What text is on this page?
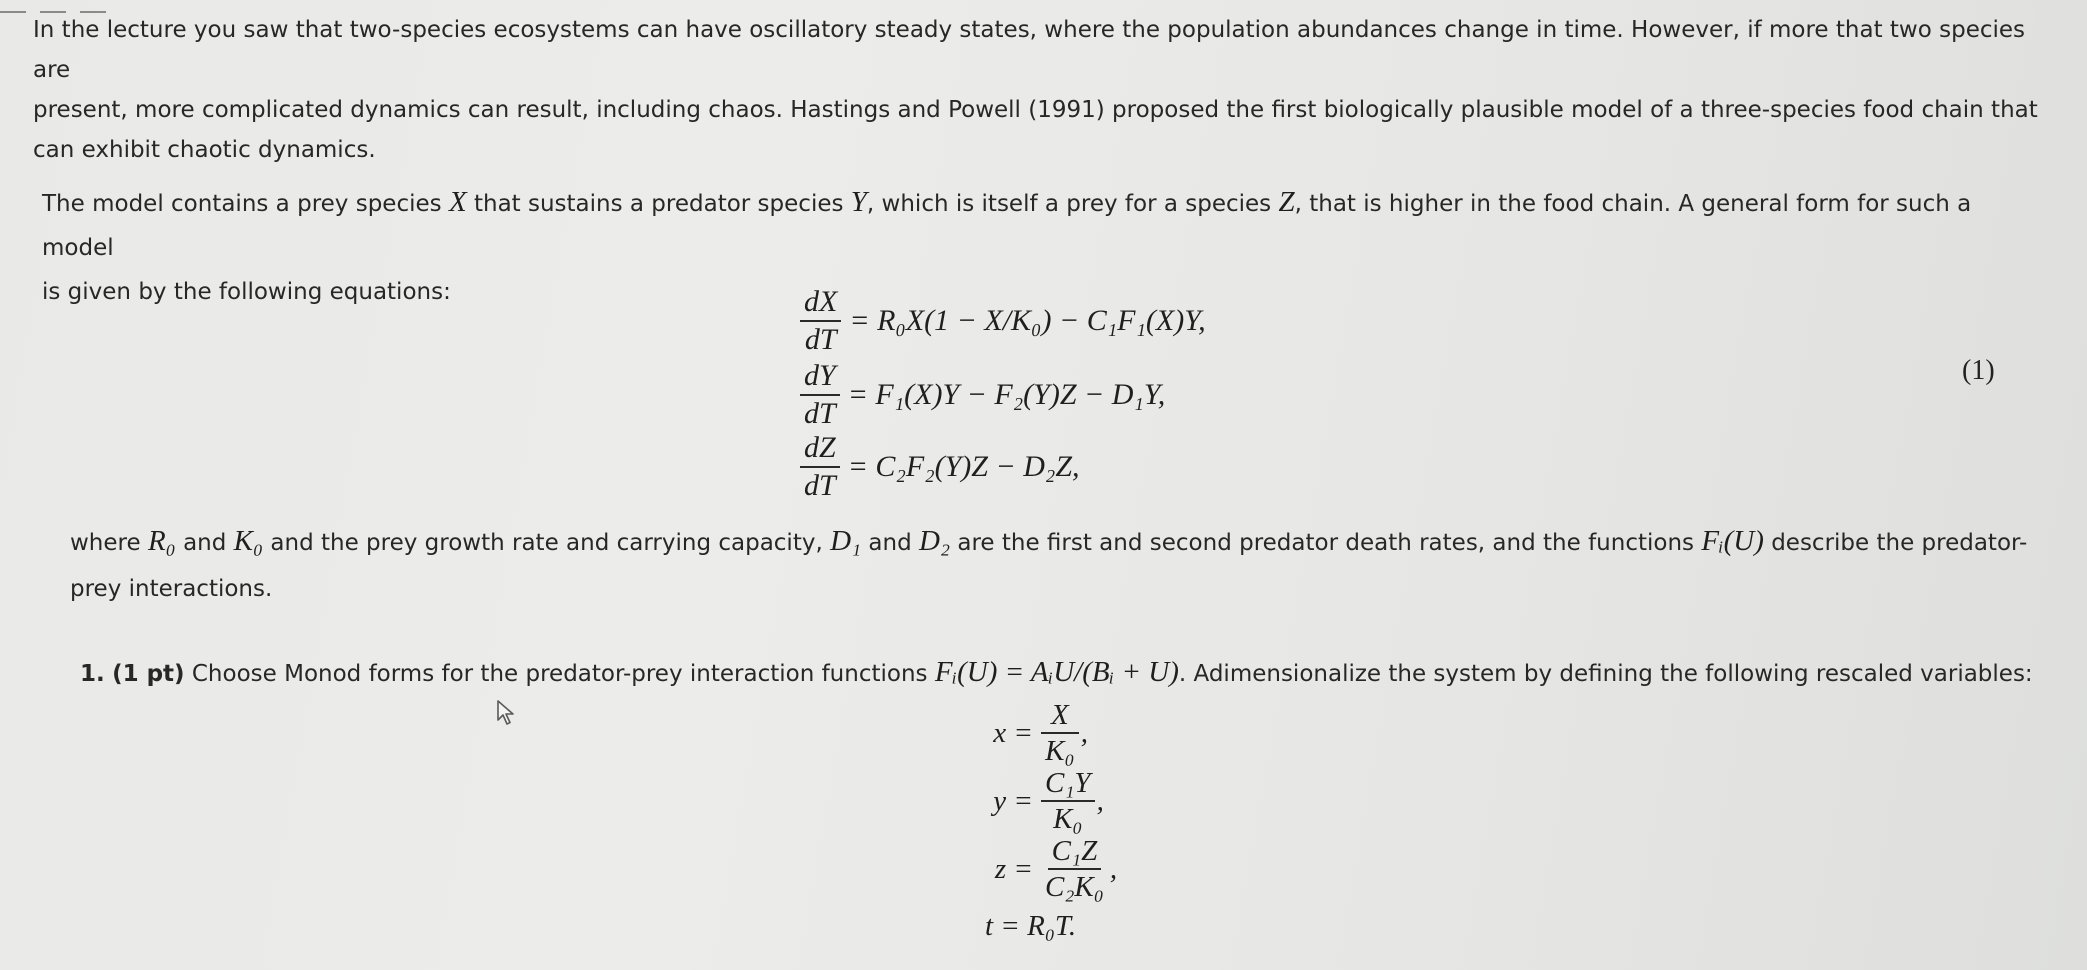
In the lecture you saw that two-species ecosystems can have oscillatory steady states, where the population abundances change in time. However, if more that two species are
present, more complicated dynamics can result, including chaos. Hastings and Powell (1991) proposed the first biologically plausible model of a three-species food chain that
can exhibit chaotic dynamics.

The model contains a prey species X that sustains a predator species Y, which is itself a prey for a species Z, that is higher in the food chain. A general form for such a model
is given by the following equations:	$\frac{dX}{dT} = R_0X(1 - X/K_0) - C_1F_1(X)Y$,
$\frac{dY}{dT} = F_1(X)Y - F_2(Y)Z - D_1Y$,
$\frac{dZ}{dT} = C_2F_2(Y)Z - D_2Z$,
(1)

where R₀ and K₀ and the prey growth rate and carrying capacity, D₁ and D₂ are the first and second predator death rates, and the functions Fᵢ(U) describe the predator-
prey interactions.

1. (1 pt) Choose Monod forms for the predator-prey interaction functions Fᵢ(U) = AᵢU/(Bᵢ + U). Adimensionalize the system by defining the following rescaled variables:

$x = \frac{X}{\text{K₀}}$ ,
$y = \frac{\text{C₁Y}}{\text{K₀}}$ ,
$z = \frac{\text{C₁Z}}{\text{C₂K₀}}$ ,
t = R₀T.
